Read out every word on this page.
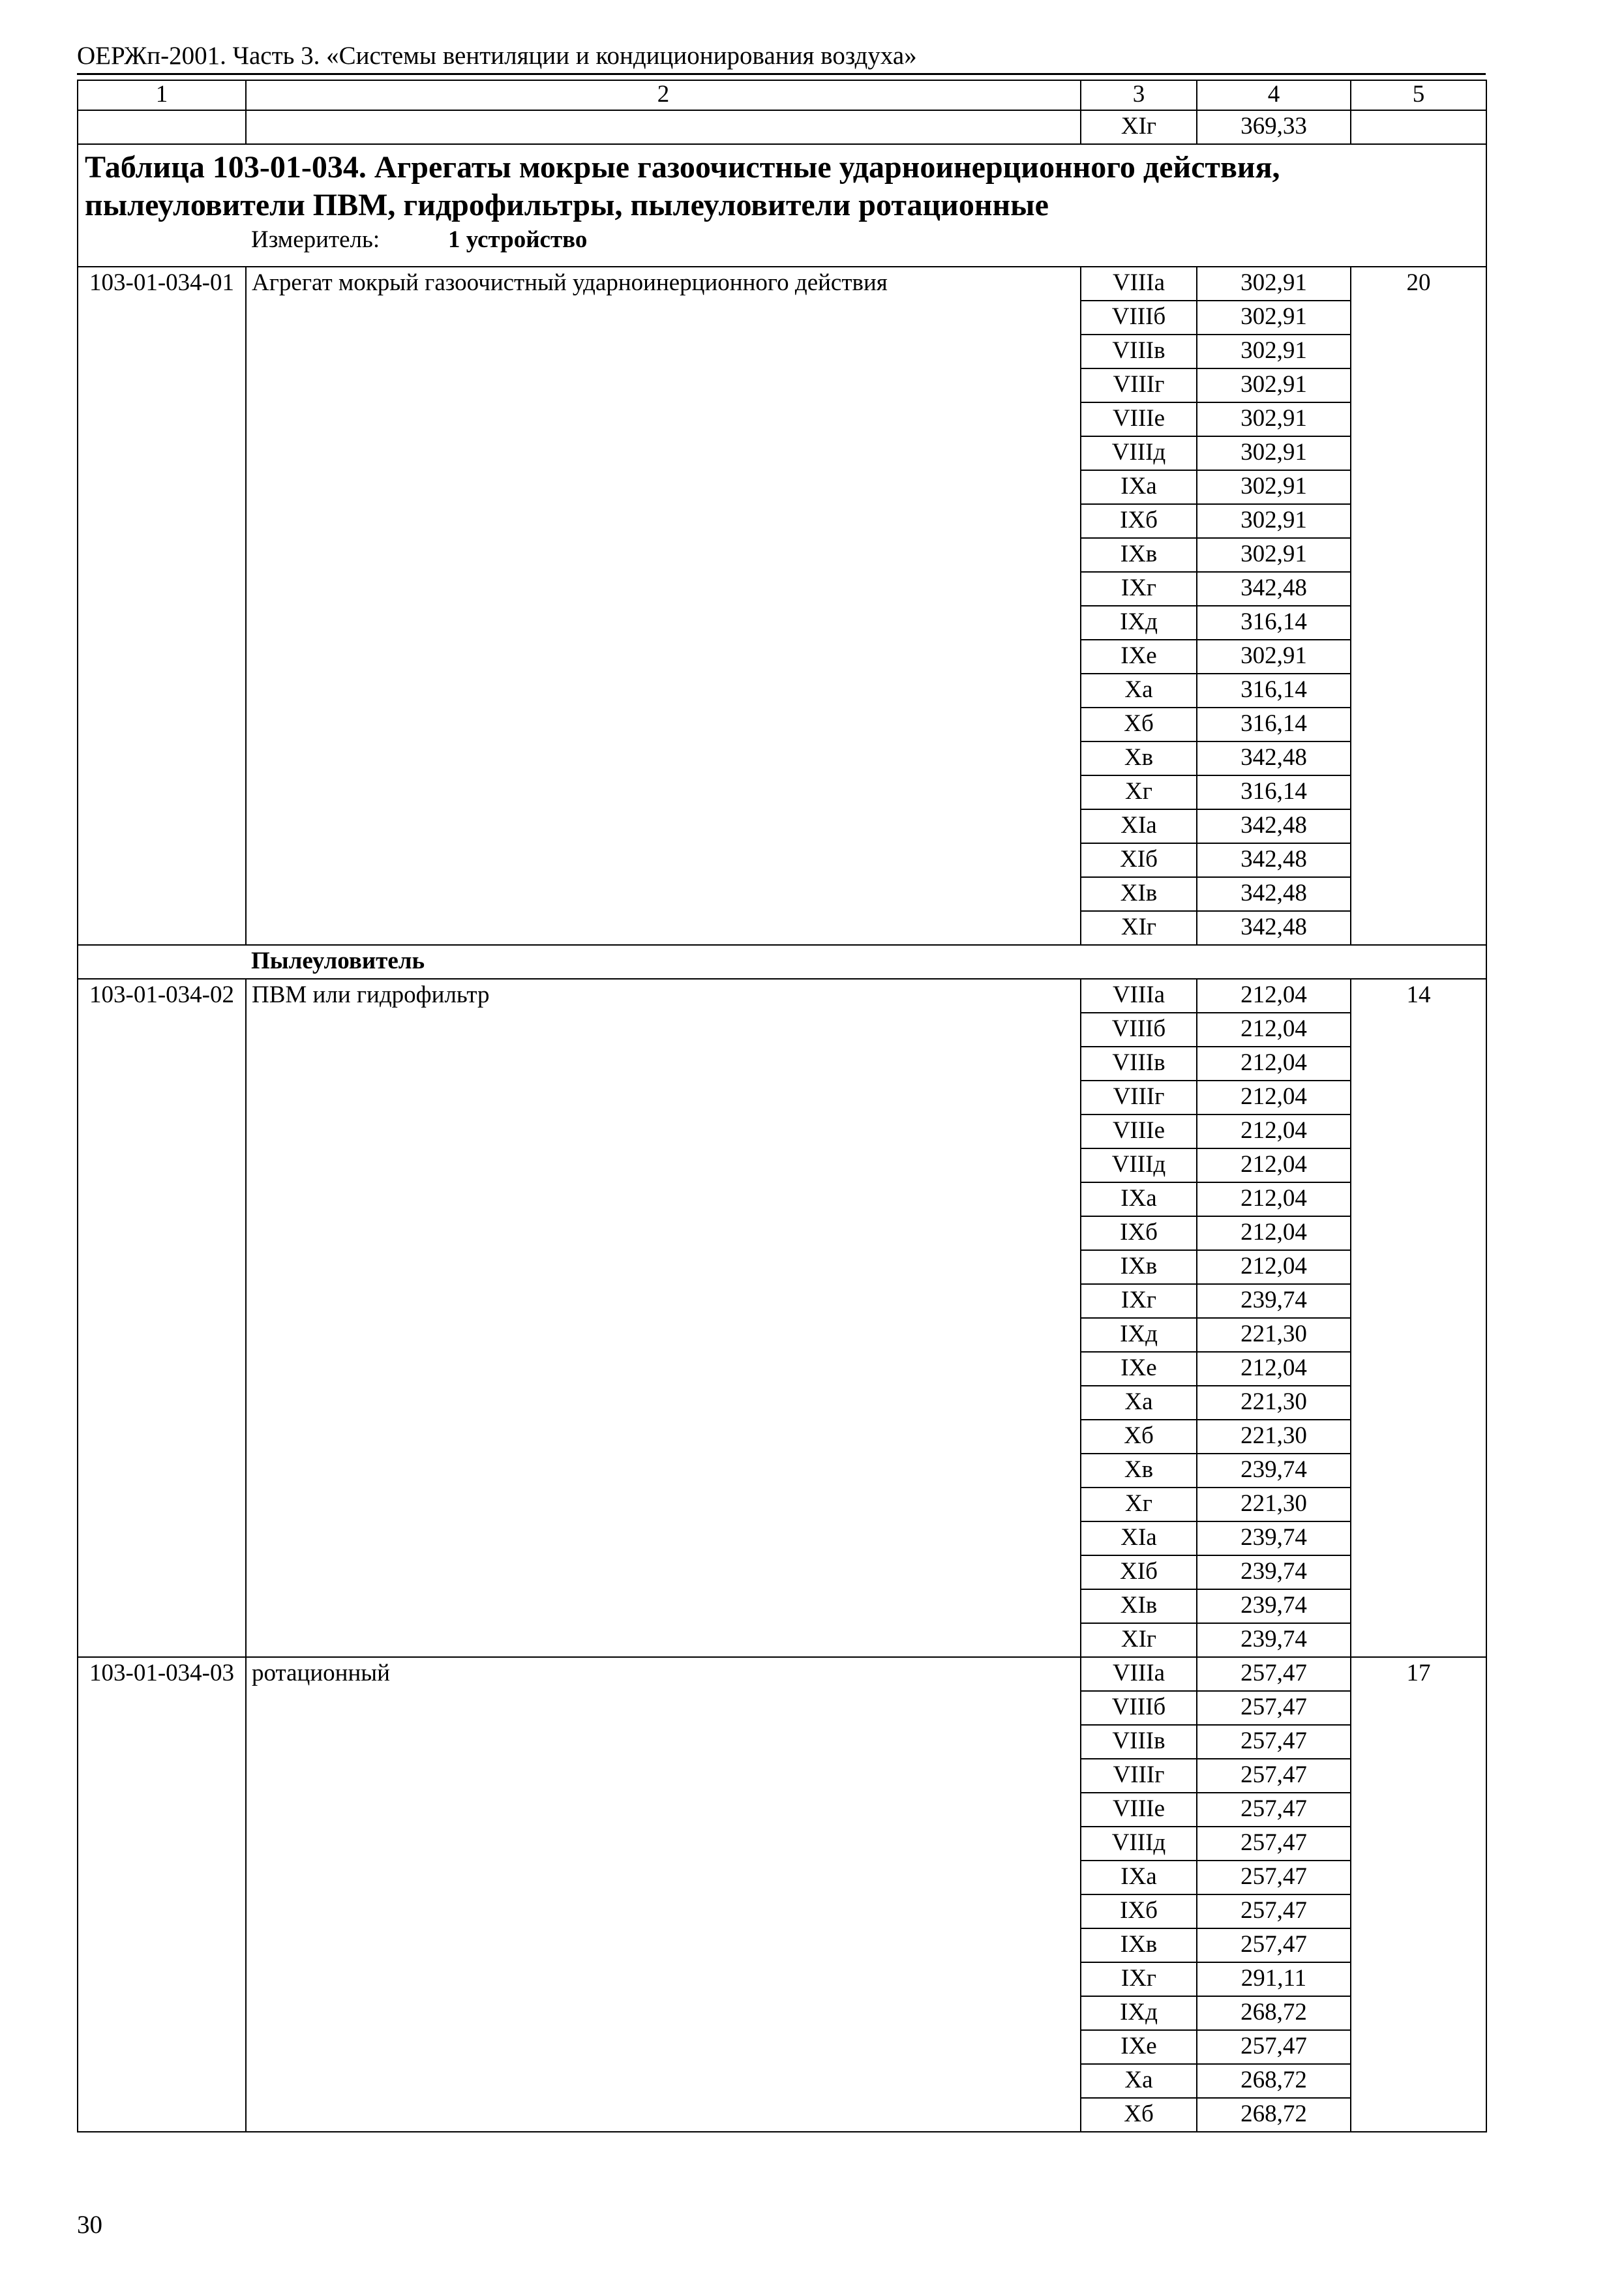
ОЕРЖп-2001. Часть 3. «Системы вентиляции и кондиционирования воздуха»
1	2	3	4	5
		XIг	369,33	

Таблица 103-01-034. Агрегаты мокрые газоочистные ударноинерционного действия, пылеуловители ПВМ, гидрофильтры, пылеуловители ротационные
Измеритель: 1 устройство				

103-01-034-01	Агрегат мокрый газоочистный ударноинерционного действия	VIIIа	302,91	20
		VIIIб	302,91	
		VIIIв	302,91	
		VIIIг	302,91	
		VIIIе	302,91	
		VIIIд	302,91	
		IXа	302,91	
		IXб	302,91	
		IXв	302,91	
		IXг	342,48	
		IXд	316,14	
		IXе	302,91	
		Xа	316,14	
		Xб	316,14	
		Xв	342,48	
		Xг	316,14	
		XIа	342,48	
		XIб	342,48	
		XIв	342,48	
		XIг	342,48	
	Пылеуловитель			
103-01-034-02	ПВМ или гидрофильтр	VIIIа	212,04	14
		VIIIб	212,04	
		VIIIв	212,04	
		VIIIг	212,04	
		VIIIе	212,04	
		VIIIд	212,04	
		IXа	212,04	
		IXб	212,04	
		IXв	212,04	
		IXг	239,74	
		IXд	221,30	
		IXе	212,04	
		Xа	221,30	
		Xб	221,30	
		Xв	239,74	
		Xг	221,30	
		XIа	239,74	
		XIб	239,74	
		XIв	239,74	
		XIг	239,74	
103-01-034-03	ротационный	VIIIа	257,47	17
		VIIIб	257,47	
		VIIIв	257,47	
		VIIIг	257,47	
		VIIIе	257,47	
		VIIIд	257,47	
		IXа	257,47	
		IXб	257,47	
		IXв	257,47	
		IXг	291,11	
		IXд	268,72	
		IXе	257,47	
		Xа	268,72	
		Xб	268,72	
30
